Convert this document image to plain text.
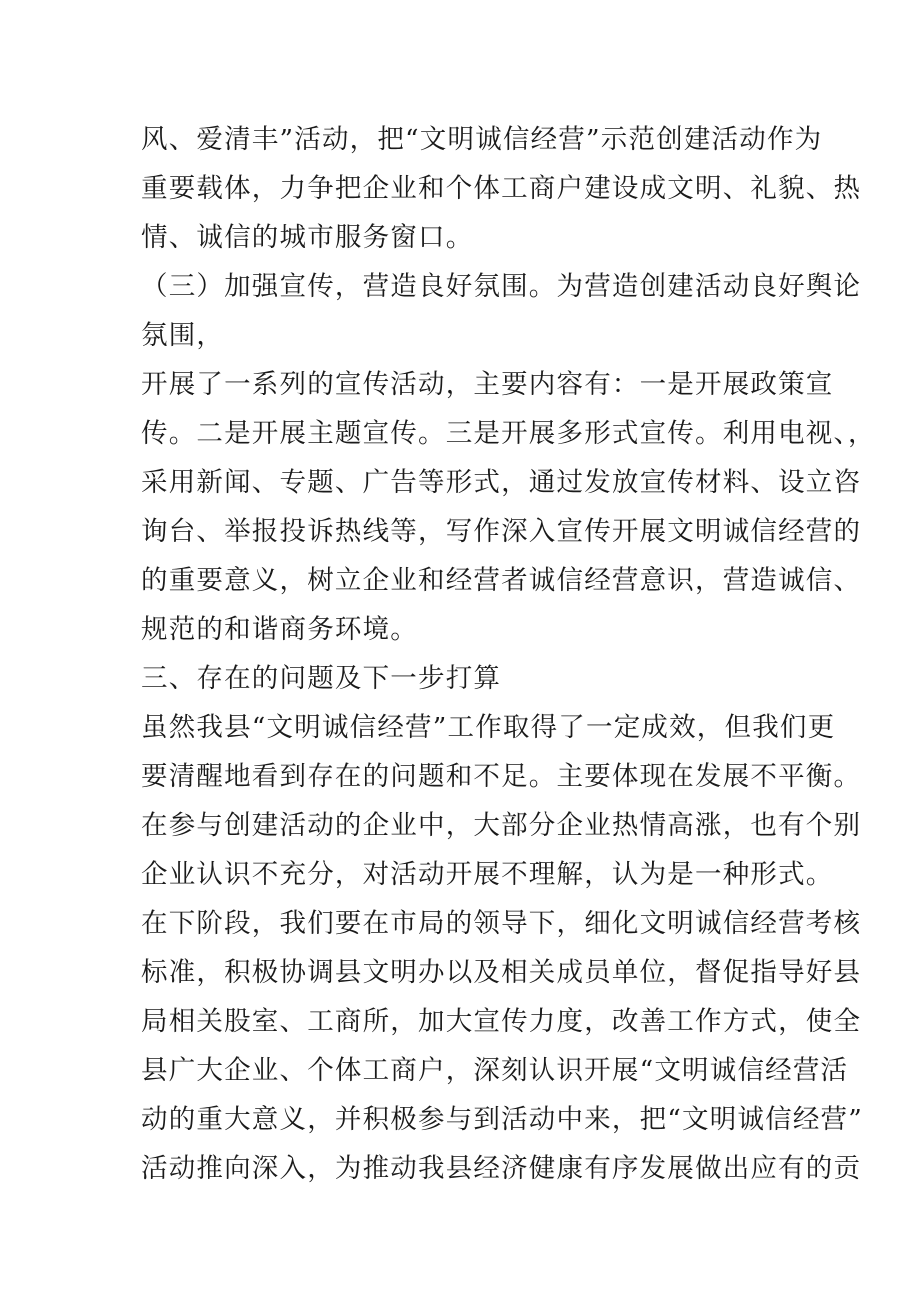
风、爱清丰”活动，把“文明诚信经营”示范创建活动作为
重要载体，力争把企业和个体工商户建设成文明、礼貌、热
情、诚信的城市服务窗口。
（三）加强宣传，营造良好氛围。为营造创建活动良好舆论
氛围，
开展了一系列的宣传活动，主要内容有：一是开展政策宣
传。二是开展主题宣传。三是开展多形式宣传。利用电视、，
采用新闻、专题、广告等形式，通过发放宣传材料、设立咨
询台、举报投诉热线等，写作深入宣传开展文明诚信经营的
的重要意义，树立企业和经营者诚信经营意识，营造诚信、
规范的和谐商务环境。
三、存在的问题及下一步打算
虽然我县“文明诚信经营”工作取得了一定成效，但我们更
要清醒地看到存在的问题和不足。主要体现在发展不平衡。
在参与创建活动的企业中，大部分企业热情高涨，也有个别
企业认识不充分，对活动开展不理解，认为是一种形式。
在下阶段，我们要在市局的领导下，细化文明诚信经营考核
标准，积极协调县文明办以及相关成员单位，督促指导好县
局相关股室、工商所，加大宣传力度，改善工作方式，使全
县广大企业、个体工商户，深刻认识开展“文明诚信经营活
动的重大意义，并积极参与到活动中来，把“文明诚信经营”
活动推向深入，为推动我县经济健康有序发展做出应有的贡
